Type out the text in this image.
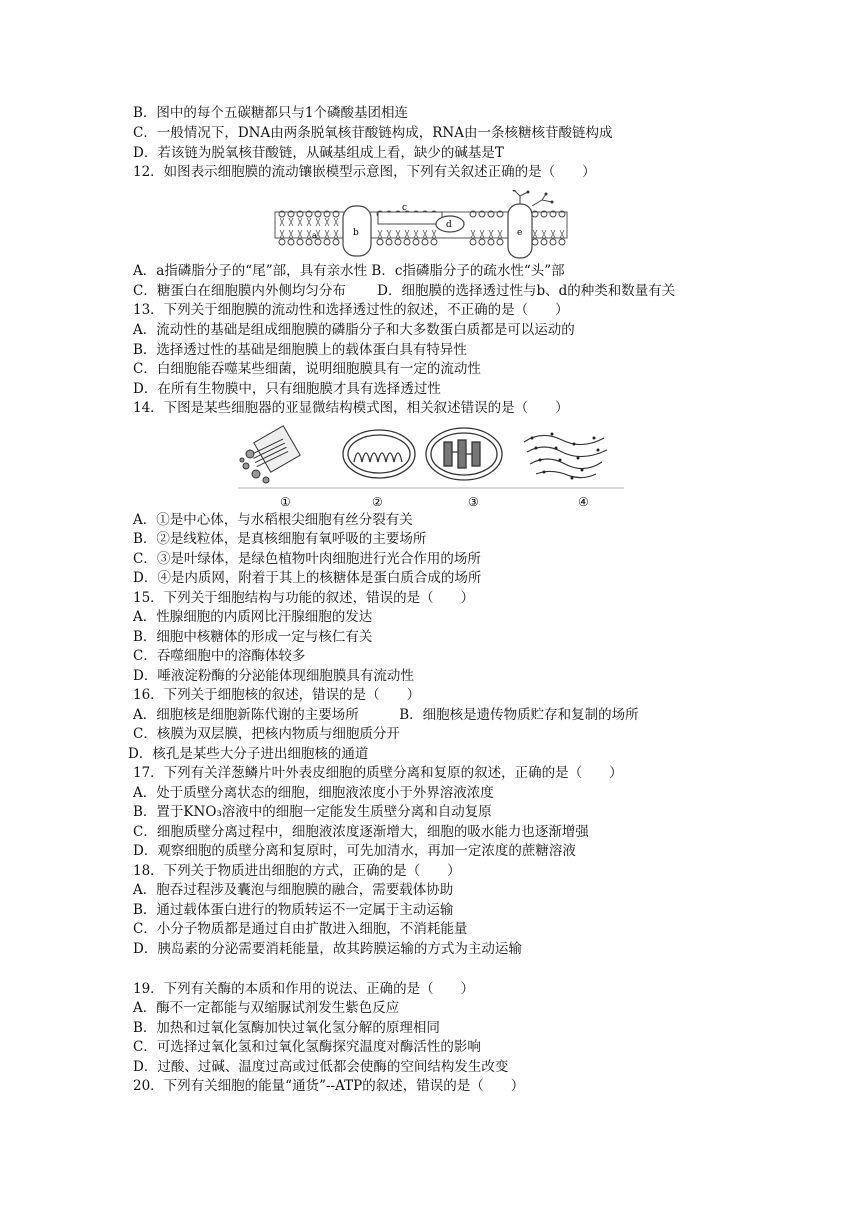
B．图中的每个五碳糖都只与1个磷酸基团相连
C．一般情况下，DNA由两条脱氧核苷酸链构成，RNA由一条核糖核苷酸链构成
D．若该链为脱氧核苷酸链，从碱基组成上看，缺少的碱基是T
12．如图表示细胞膜的流动镶嵌模型示意图，下列有关叙述正确的是（　　）
b
c
d
e
a
A．a指磷脂分子的“尾”部，具有亲水性 B．c指磷脂分子的疏水性“头”部
C．糖蛋白在细胞膜内外侧均匀分布　　 D．细胞膜的选择透过性与b、d的种类和数量有关
13．下列关于细胞膜的流动性和选择透过性的叙述，不正确的是（　　）
A．流动性的基础是组成细胞膜的磷脂分子和大多数蛋白质都是可以运动的
B．选择透过性的基础是细胞膜上的载体蛋白具有特异性
C．白细胞能吞噬某些细菌，说明细胞膜具有一定的流动性
D．在所有生物膜中，只有细胞膜才具有选择透过性
14．下图是某些细胞器的亚显微结构模式图，相关叙述错误的是（　　）
①	②	③	④
A．①是中心体，与水稻根尖细胞有丝分裂有关
B．②是线粒体，是真核细胞有氧呼吸的主要场所
C．③是叶绿体，是绿色植物叶肉细胞进行光合作用的场所
D．④是内质网，附着于其上的核糖体是蛋白质合成的场所
15．下列关于细胞结构与功能的叙述，错误的是（　　）
A．性腺细胞的内质网比汗腺细胞的发达
B．细胞中核糖体的形成一定与核仁有关
C．吞噬细胞中的溶酶体较多
D．唾液淀粉酶的分泌能体现细胞膜具有流动性
16．下列关于细胞核的叙述，错误的是（　　）
A．细胞核是细胞新陈代谢的主要场所　　　B．细胞核是遗传物质贮存和复制的场所
C．核膜为双层膜，把核内物质与细胞质分开
D．核孔是某些大分子进出细胞核的通道
17．下列有关洋葱鳞片叶外表皮细胞的质壁分离和复原的叙述，正确的是（　　）
A．处于质壁分离状态的细胞，细胞液浓度小于外界溶液浓度
B．置于KNO₃溶液中的细胞一定能发生质壁分离和自动复原
C．细胞质壁分离过程中，细胞液浓度逐渐增大，细胞的吸水能力也逐渐增强
D．观察细胞的质壁分离和复原时，可先加清水，再加一定浓度的蔗糖溶液
18．下列关于物质进出细胞的方式，正确的是（　　）
A．胞吞过程涉及囊泡与细胞膜的融合，需要载体协助
B．通过载体蛋白进行的物质转运不一定属于主动运输
C．小分子物质都是通过自由扩散进入细胞，不消耗能量
D．胰岛素的分泌需要消耗能量，故其跨膜运输的方式为主动运输
19．下列有关酶的本质和作用的说法、正确的是（　　）
A．酶不一定都能与双缩脲试剂发生紫色反应
B．加热和过氧化氢酶加快过氧化氢分解的原理相同
C．可选择过氧化氢和过氧化氢酶探究温度对酶活性的影响
D．过酸、过碱、温度过高或过低都会使酶的空间结构发生改变
20．下列有关细胞的能量“通货”--ATP的叙述，错误的是（　　）
